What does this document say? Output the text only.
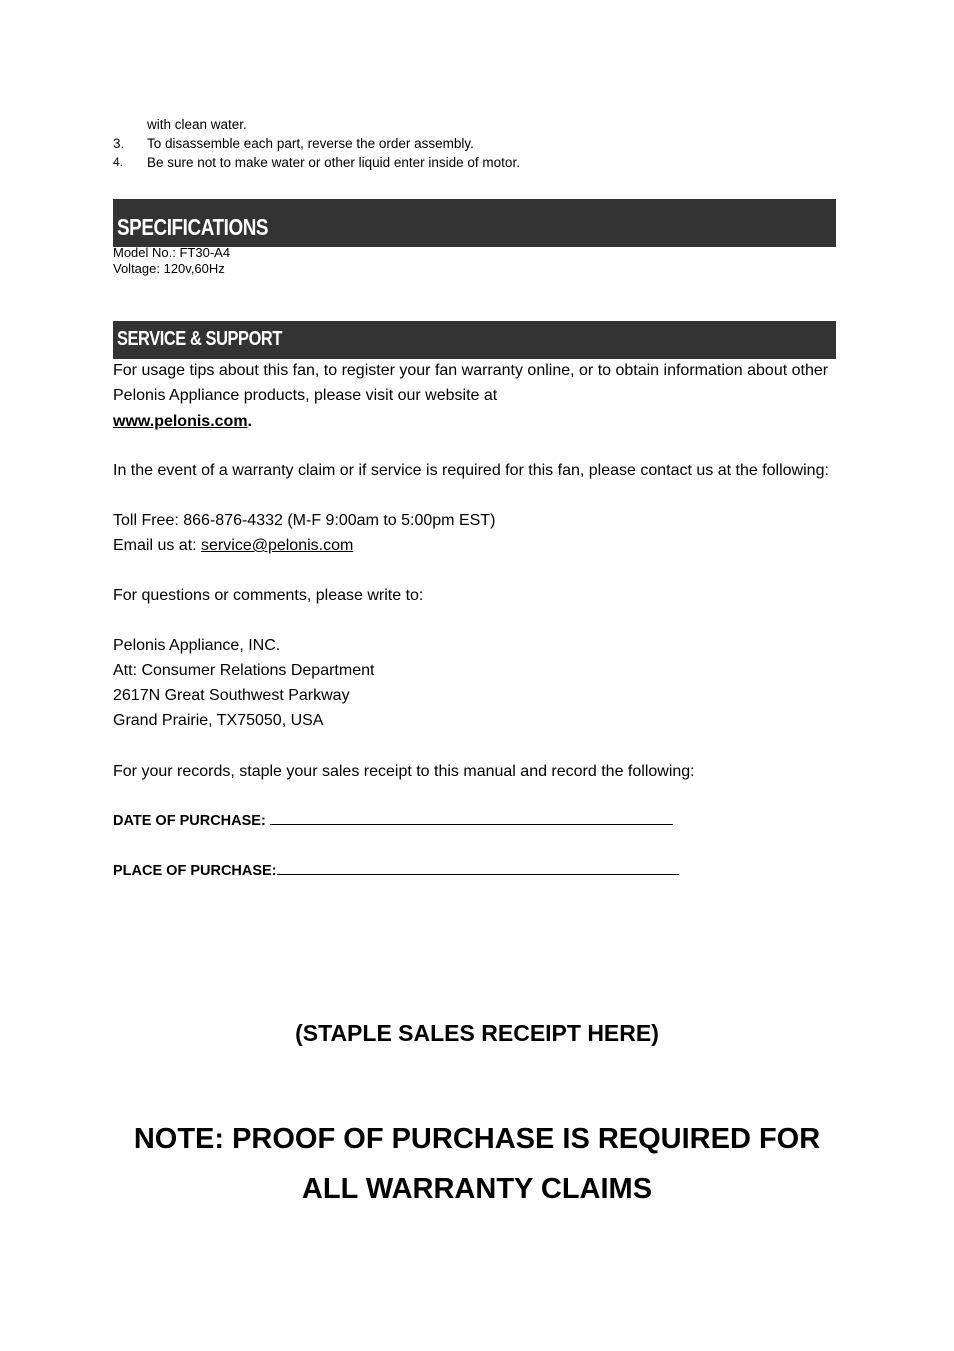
with clean water.
3. To disassemble each part, reverse the order assembly.
4. Be sure not to make water or other liquid enter inside of motor.
SPECIFICATIONS
Model No.: FT30-A4
Voltage: 120v,60Hz
SERVICE & SUPPORT
For usage tips about this fan, to register your fan warranty online, or to obtain information about other
Pelonis Appliance products, please visit our website at
www.pelonis.com.
In the event of a warranty claim or if service is required for this fan, please contact us at the following:
Toll Free: 866-876-4332 (M-F 9:00am to 5:00pm EST)
Email us at: service@pelonis.com
For questions or comments, please write to:
Pelonis Appliance, INC.
Att: Consumer Relations Department
2617N Great Southwest Parkway
Grand Prairie, TX75050, USA
For your records, staple your sales receipt to this manual and record the following:
DATE OF PURCHASE:
PLACE OF PURCHASE:
(STAPLE SALES RECEIPT HERE)
NOTE: PROOF OF PURCHASE IS REQUIRED FOR
ALL WARRANTY CLAIMS
